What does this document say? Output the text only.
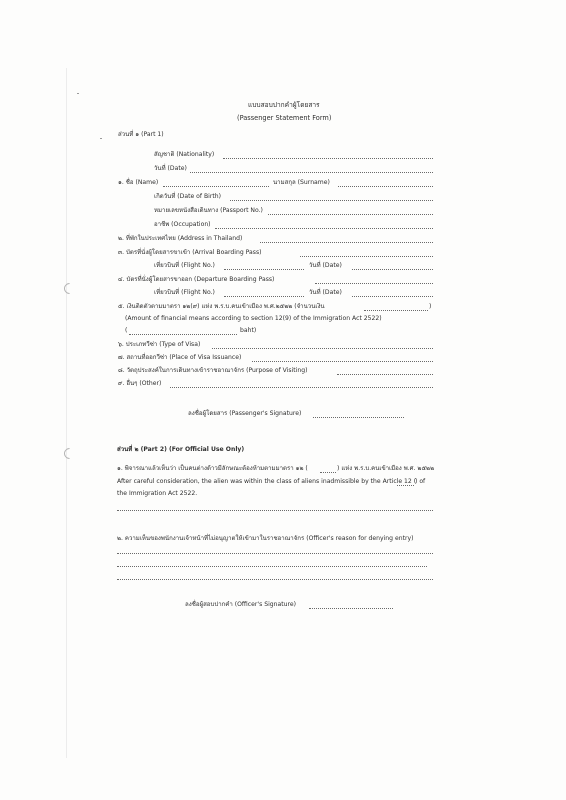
แบบสอบปากคำผู้โดยสาร
(Passenger Statement Form)
ส่วนที่ ๑ (Part 1)
สัญชาติ (Nationality)
วันที่ (Date)
๑. ชื่อ (Name)	นามสกุล (Surname)
เกิดวันที่ (Date of Birth)
หมายเลขหนังสือเดินทาง (Passport No.)
อาชีพ (Occupation)
๒. ที่พักในประเทศไทย (Address in Thailand)
๓. บัตรที่นั่งผู้โดยสารขาเข้า (Arrival Boarding Pass)
เที่ยวบินที่ (Flight No.)	วันที่ (Date)
๔. บัตรที่นั่งผู้โดยสารขาออก (Departure Boarding Pass)
เที่ยวบินที่ (Flight No.)	วันที่ (Date)
๕. เงินติดตัวตามมาตรา ๑๒(๙) แห่ง พ.ร.บ.คนเข้าเมือง พ.ศ.๒๕๒๒ (จำนวนเงิน	)
(Amount of financial means according to section 12(9) of the Immigration Act 2522)
(	baht)
๖. ประเภทวีซ่า (Type of Visa)
๗. สถานที่ออกวีซ่า (Place of Visa Issuance)
๘. วัตถุประสงค์ในการเดินทางเข้าราชอาณาจักร (Purpose of Visiting)
๙. อื่นๆ (Other)
ลงชื่อผู้โดยสาร (Passenger's Signature)
ส่วนที่ ๒ (Part 2) (For Official Use Only)
๑. พิจารณาแล้วเห็นว่า เป็นคนต่างด้าวมีลักษณะต้องห้ามตามมาตรา ๑๒ (	) แห่ง พ.ร.บ.คนเข้าเมือง พ.ศ. ๒๕๒๒
After careful consideration, the alien was within the class of aliens inadmissible by the Article 12 (
) of
the Immigration Act 2522.
๒. ความเห็นของพนักงานเจ้าหน้าที่ไม่อนุญาตให้เข้ามาในราชอาณาจักร (Officer's reason for denying entry)
ลงชื่อผู้สอบปากคำ (Officer's Signature)
